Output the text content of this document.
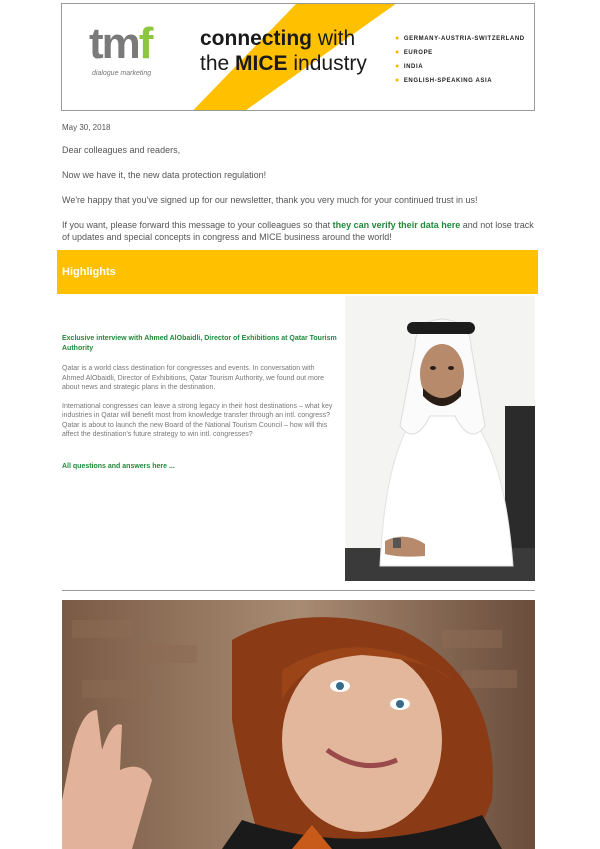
tmf
dialogue marketing
connecting with
the MICE industry
● GERMANY-AUSTRIA-SWITZERLAND
● EUROPE
● INDIA
● ENGLISH-SPEAKING ASIA
May 30, 2018

Dear colleagues and readers,

Now we have it, the new data protection regulation!

We're happy that you've signed up for our newsletter, thank you very much for your continued trust in us!

If you want, please forward this message to your colleagues so that they can verify their data here and not lose track of updates and special concepts in congress and MICE business around the world!

Highlights
Exclusive interview with Ahmed AlObaidli, Director of Exhibitions at Qatar Tourism Authority

Qatar is a world class destination for congresses and events. In conversation with Ahmed AlObaidli, Director of Exhibitions, Qatar Tourism Authority, we found out more about news and strategic plans in the destination.

International congresses can leave a strong legacy in their host destinations – what key industries in Qatar will benefit most from knowledge transfer through an intl. congress? Qatar is about to launch the new Board of the National Tourism Council – how will this affect the destination's future strategy to win intl. congresses?

All questions and answers here ...
